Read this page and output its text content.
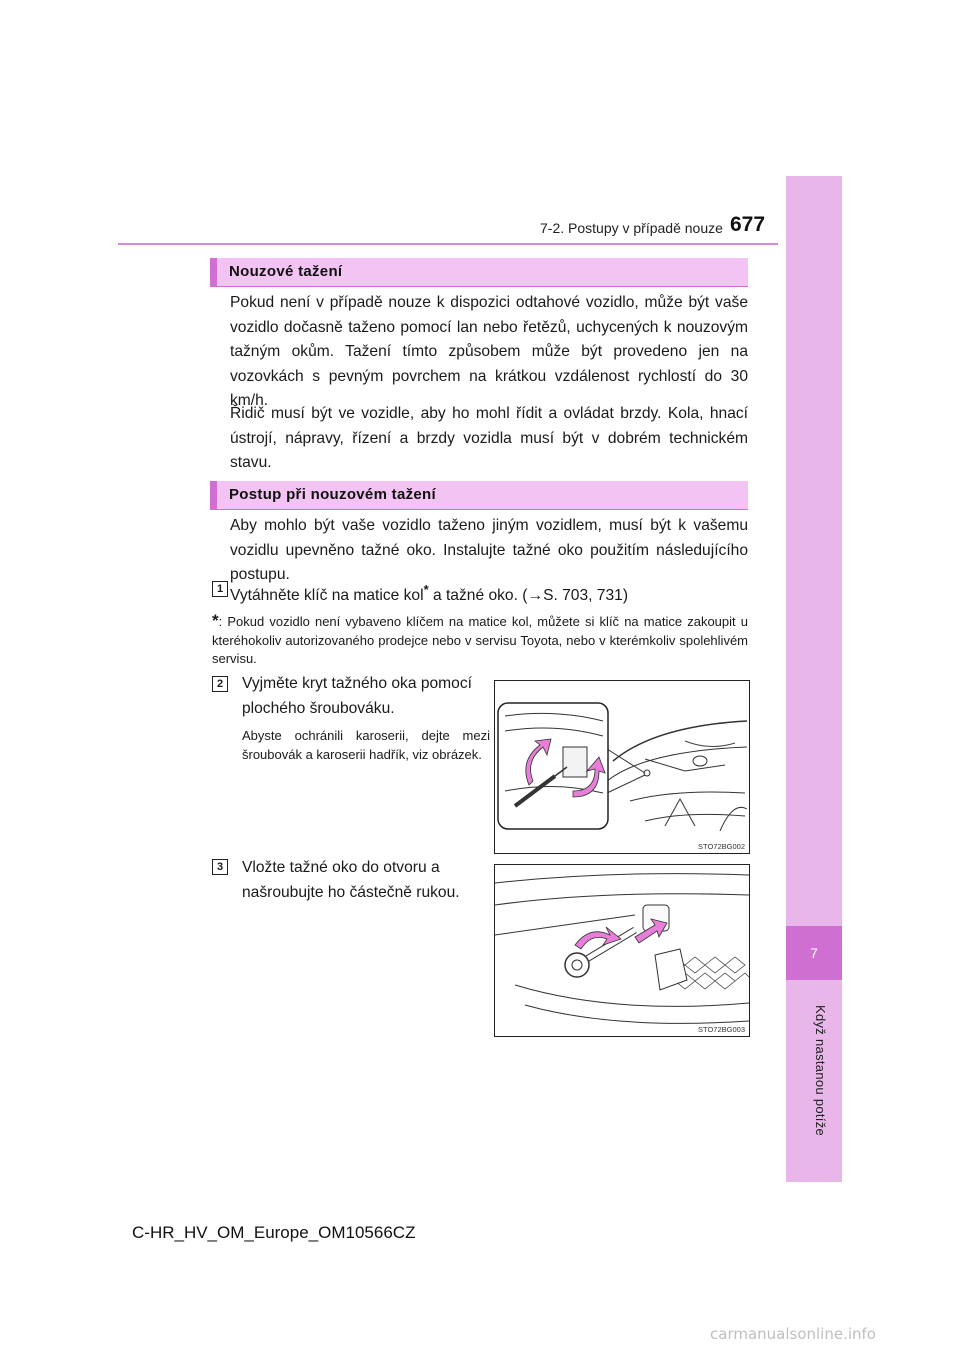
7-2. Postupy v případě nouze 677
7
Když nastanou potíže
Nouzové tažení
Pokud není v případě nouze k dispozici odtahové vozidlo, může být vaše vozidlo dočasně taženo pomocí lan nebo řetězů, uchycených k nouzovým tažným okům. Tažení tímto způsobem může být provedeno jen na vozovkách s pevným povrchem na krátkou vzdálenost rychlostí do 30 km/h.
Řidič musí být ve vozidle, aby ho mohl řídit a ovládat brzdy. Kola, hnací ústrojí, nápravy, řízení a brzdy vozidla musí být v dobrém technickém stavu.
Postup při nouzovém tažení
Aby mohlo být vaše vozidlo taženo jiným vozidlem, musí být k vašemu vozidlu upevněno tažné oko. Instalujte tažné oko použitím následujícího postupu.
1 Vytáhněte klíč na matice kol* a tažné oko. (→S. 703, 731)
*: Pokud vozidlo není vybaveno klíčem na matice kol, můžete si klíč na matice zakoupit u kteréhokoliv autorizovaného prodejce nebo v servisu Toyota, nebo v kterémkoliv spolehlivém servisu.
2	Vyjměte kryt tažného oka pomocí plochého šroubováku.
Abyste ochránili karoserii, dejte mezi šroubovák a karoserii hadřík, viz obrázek.
STO72BG002
3	Vložte tažné oko do otvoru a našroubujte ho částečně rukou.
STO72BG003
C-HR_HV_OM_Europe_OM10566CZ
carmanualsonline.info
